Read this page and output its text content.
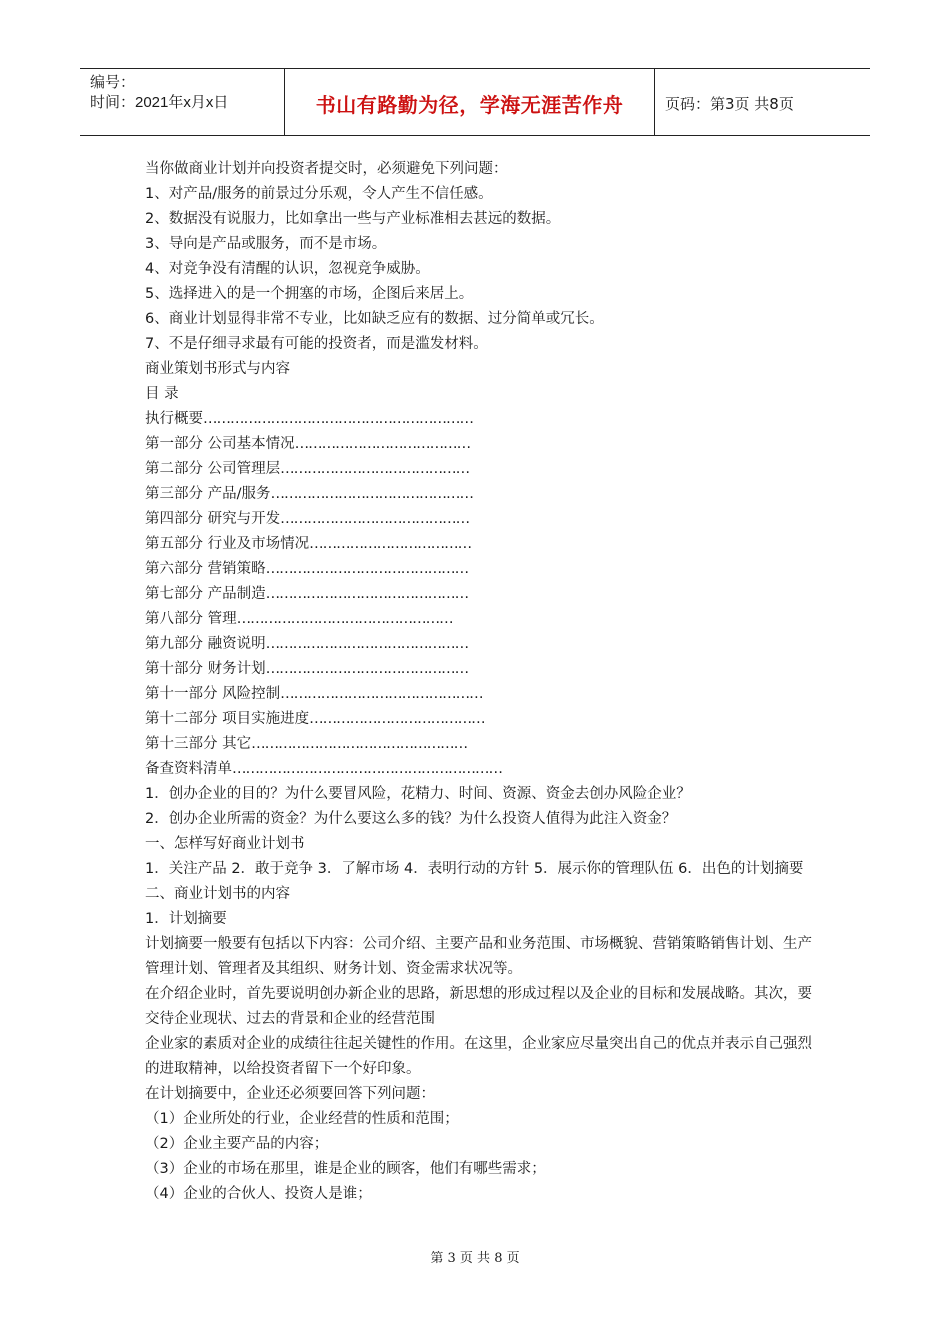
编号：
时间：2021年x月x日	书山有路勤为径，学海无涯苦作舟	页码：第3页 共8页
当你做商业计划并向投资者提交时，必须避免下列问题：
1、对产品/服务的前景过分乐观，令人产生不信任感。
2、数据没有说服力，比如拿出一些与产业标准相去甚远的数据。
3、导向是产品或服务，而不是市场。
4、对竞争没有清醒的认识，忽视竞争威胁。
5、选择进入的是一个拥塞的市场，企图后来居上。
6、商业计划显得非常不专业，比如缺乏应有的数据、过分简单或冗长。
7、不是仔细寻求最有可能的投资者，而是滥发材料。
商业策划书形式与内容
目 录
执行概要 ……………………………………………………
第一部分 公司基本情况 …………………………………
第二部分 公司管理层 ……………………………………
第三部分 产品/服务 ………………………………………
第四部分 研究与开发 ……………………………………
第五部分 行业及市场情况 ………………………………
第六部分 营销策略 ………………………………………
第七部分 产品制造 ………………………………………
第八部分 管理 …………………………………………
第九部分 融资说明 ………………………………………
第十部分 财务计划 ………………………………………
第十一部分 风险控制 ………………………………………
第十二部分 项目实施进度 …………………………………
第十三部分 其它 …………………………………………
备查资料清单 ……………………………………………………
1．创办企业的目的？为什么要冒风险，花精力、时间、资源、资金去创办风险企业？
2．创办企业所需的资金？为什么要这么多的钱？为什么投资人值得为此注入资金？
一、怎样写好商业计划书
1．关注产品 2．敢于竞争 3．了解市场 4．表明行动的方针 5．展示你的管理队伍 6．出色的计划摘要
二、商业计划书的内容
1．计划摘要
计划摘要一般要有包括以下内容：公司介绍、主要产品和业务范围、市场概貌、营销策略销售计划、生产管理计划、管理者及其组织、财务计划、资金需求状况等。
在介绍企业时，首先要说明创办新企业的思路，新思想的形成过程以及企业的目标和发展战略。其次，要交待企业现状、过去的背景和企业的经营范围
企业家的素质对企业的成绩往往起关键性的作用。在这里，企业家应尽量突出自己的优点并表示自己强烈的进取精神，以给投资者留下一个好印象。
在计划摘要中，企业还必须要回答下列问题：
（1）企业所处的行业，企业经营的性质和范围；
（2）企业主要产品的内容；
（3）企业的市场在那里，谁是企业的顾客，他们有哪些需求；
（4）企业的合伙人、投资人是谁；
第 3 页 共 8 页
